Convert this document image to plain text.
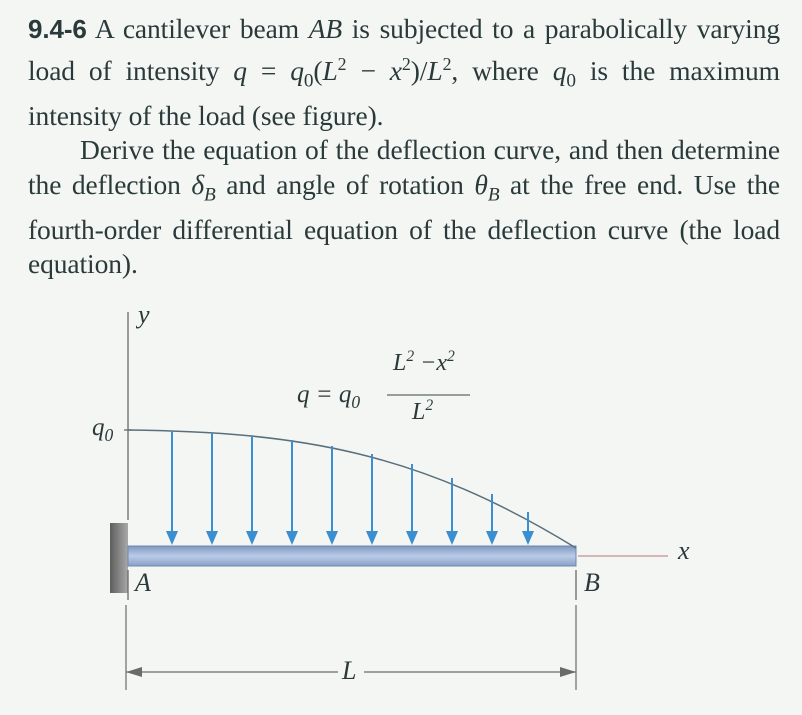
9.4-6 A cantilever beam AB is subjected to a parabolically varying load of intensity $q = q_0(L^2 - x^2)/L^2$, where $q_0$ is the maximum intensity of the load (see figure).

Derive the equation of the deflection curve, and then determine the deflection $\delta_B$ and angle of rotation $\theta_B$ at the free end. Use the fourth-order differential equation of the deflection curve (the load equation).

y
$q_0$
$q = q_0$
$L^2 -x^2$
$L^2$
x
A	B
L
